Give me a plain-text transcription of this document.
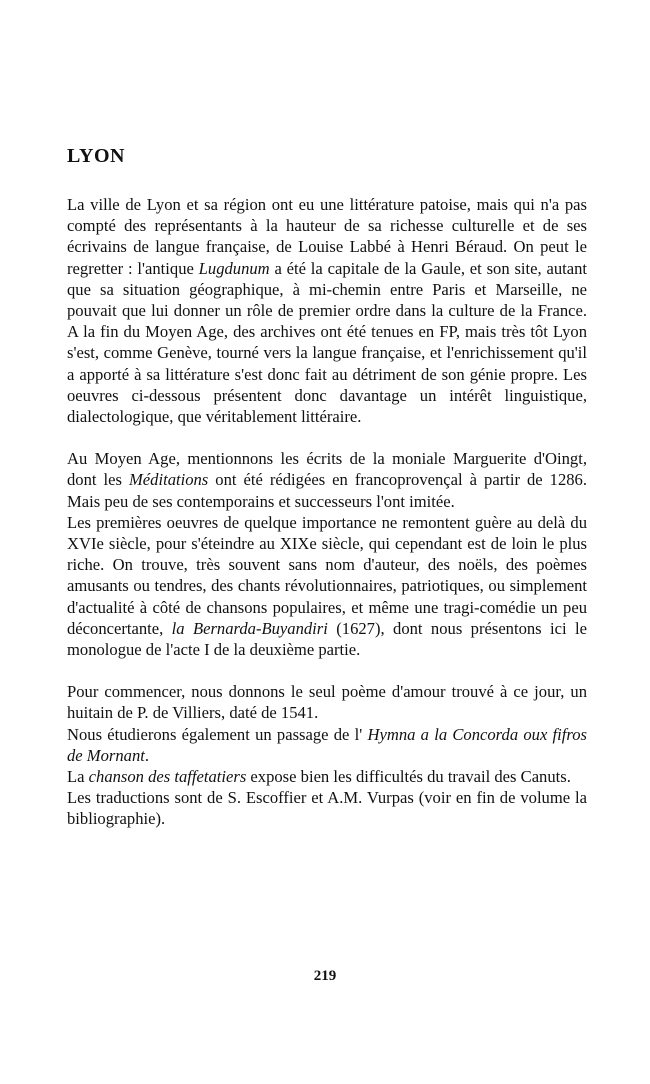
LYON

La ville de Lyon et sa région ont eu une littérature patoise, mais qui n'a pas compté des représentants à la hauteur de sa richesse culturelle et de ses écrivains de langue française, de Louise Labbé à Henri Béraud. On peut le regretter : l'antique Lugdunum a été la capitale de la Gaule, et son site, autant que sa situation géographique, à mi-chemin entre Paris et Marseille, ne pouvait que lui donner un rôle de premier ordre dans la culture de la France. A la fin du Moyen Age, des archives ont été tenues en FP, mais très tôt Lyon s'est, comme Genève, tourné vers la langue française, et l'enrichissement qu'il a apporté à sa littérature s'est donc fait au détriment de son génie propre. Les oeuvres ci-dessous présentent donc davantage un intérêt linguistique, dialectologique, que véritablement littéraire.

Au Moyen Age, mentionnons les écrits de la moniale Marguerite d'Oingt, dont les Méditations ont été rédigées en francoprovençal à partir de 1286. Mais peu de ses contemporains et successeurs l'ont imitée.

Les premières oeuvres de quelque importance ne remontent guère au delà du XVIe siècle, pour s'éteindre au XIXe siècle, qui cependant est de loin le plus riche. On trouve, très souvent sans nom d'auteur, des noëls, des poèmes amusants ou tendres, des chants révolutionnaires, patriotiques, ou simplement d'actualité à côté de chansons populaires, et même une tragi-comédie un peu déconcertante, la Bernarda-Buyandiri (1627), dont nous présentons ici le monologue de l'acte I de la deuxième partie.

Pour commencer, nous donnons le seul poème d'amour trouvé à ce jour, un huitain de P. de Villiers, daté de 1541.

Nous étudierons également un passage de l' Hymna a la Concorda oux fifros de Mornant.

La chanson des taffetatiers expose bien les difficultés du travail des Canuts.

Les traductions sont de S. Escoffier et A.M. Vurpas (voir en fin de volume la bibliographie).

219
